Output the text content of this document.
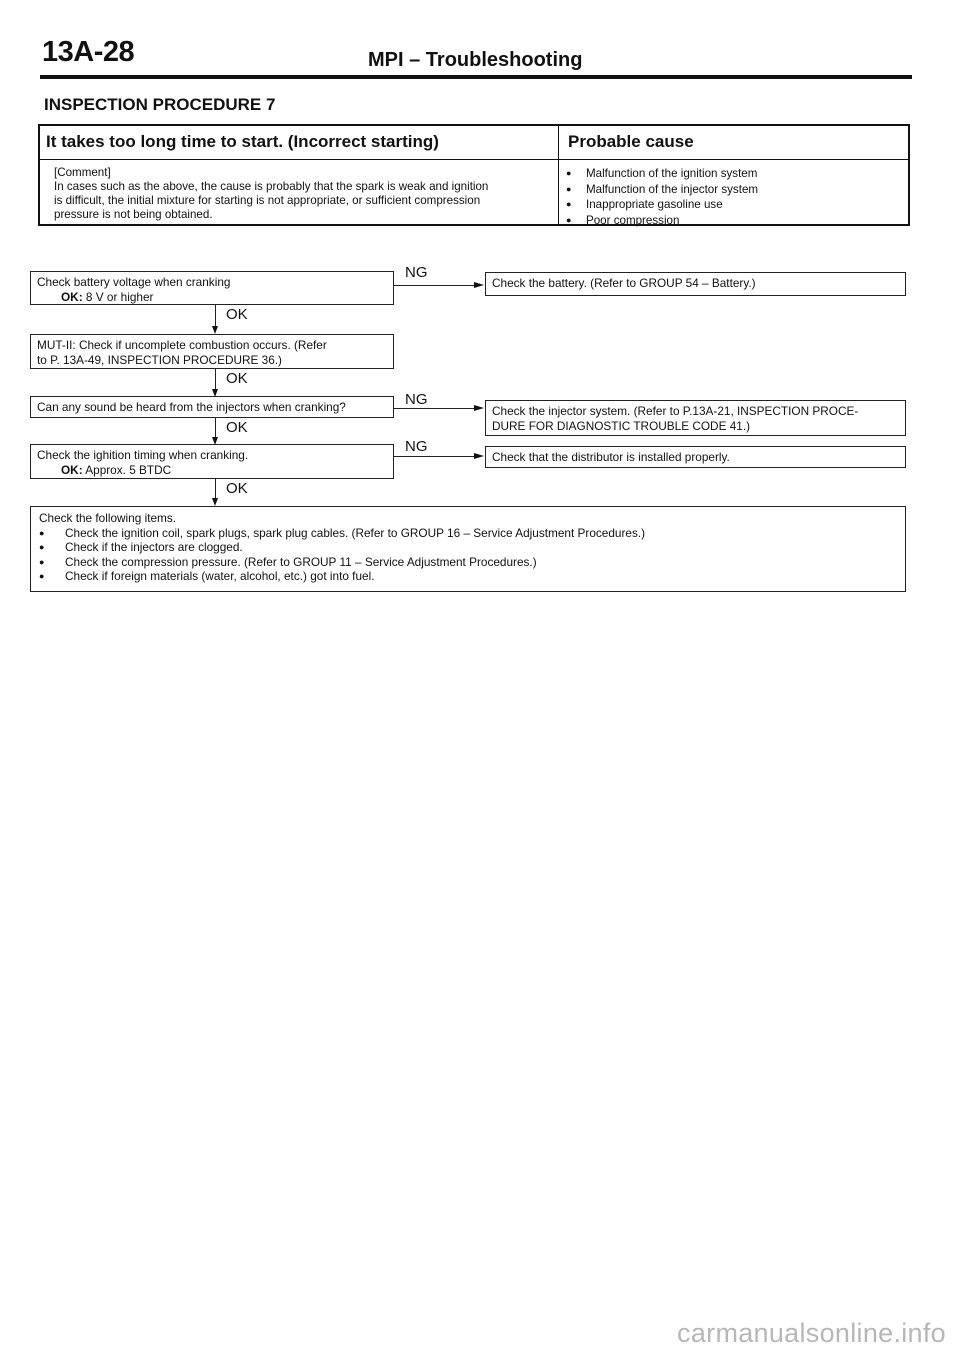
13A-28	MPI – Troubleshooting
INSPECTION PROCEDURE 7
It takes too long time to start. (Incorrect starting)	Probable cause

[Comment]

In cases such as the above, the cause is probably that the spark is weak and ignition

is difficult, the initial mixture for starting is not appropriate, or sufficient compression

pressure is not being obtained.

● Malfunction of the ignition system
● Malfunction of the injector system
● Inappropriate gasoline use
● Poor compression

Check battery voltage when cranking

OK: 8 V or higher

NG
Check the battery. (Refer to GROUP 54 – Battery.)
OK

MUT-II: Check if uncomplete combustion occurs. (Refer

to P. 13A-49, INSPECTION PROCEDURE 36.)

OK
Can any sound be heard from the injectors when cranking?	NG

Check the injector system. (Refer to P.13A-21, INSPECTION PROCE-

DURE FOR DIAGNOSTIC TROUBLE CODE 41.)

OK

Check the ighition timing when cranking.

OK: Approx. 5 BTDC

NG
Check that the distributor is installed properly.
OK

Check the following items.

● Check the ignition coil, spark plugs, spark plug cables. (Refer to GROUP 16 – Service Adjustment Procedures.)
● Check if the injectors are clogged.
● Check the compression pressure. (Refer to GROUP 11 – Service Adjustment Procedures.)
● Check if foreign materials (water, alcohol, etc.) got into fuel.
carmanualsonline.info
